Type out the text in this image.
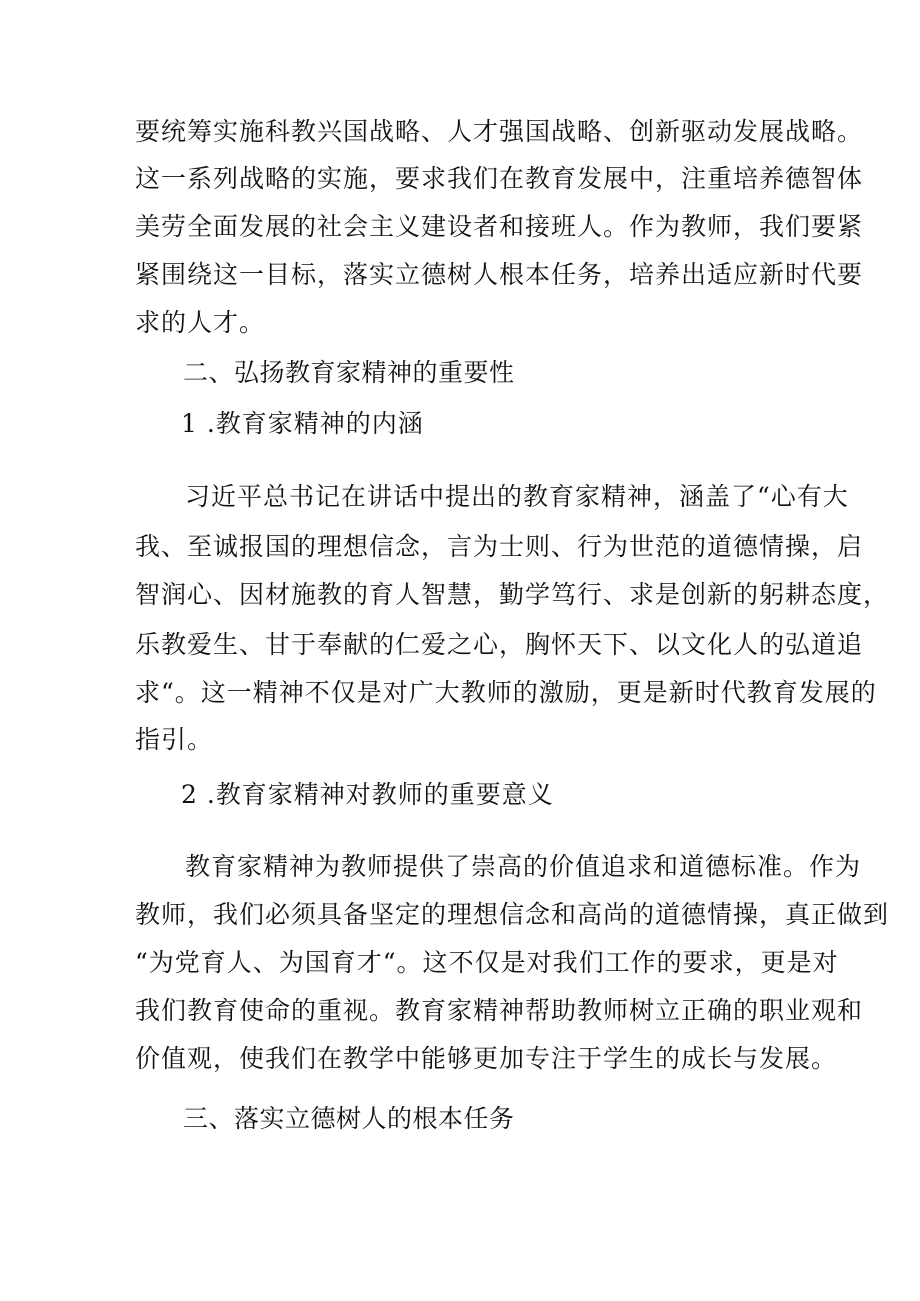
要统筹实施科教兴国战略、人才强国战略、创新驱动发展战略。
这一系列战略的实施，要求我们在教育发展中，注重培养德智体
美劳全面发展的社会主义建设者和接班人。作为教师，我们要紧
紧围绕这一目标，落实立德树人根本任务，培养出适应新时代要
求的人才。
二、弘扬教育家精神的重要性
1 .教育家精神的内涵
习近平总书记在讲话中提出的教育家精神，涵盖了“心有大
我、至诚报国的理想信念，言为士则、行为世范的道德情操，启
智润心、因材施教的育人智慧，勤学笃行、求是创新的躬耕态度，
乐教爱生、甘于奉献的仁爱之心，胸怀天下、以文化人的弘道追
求“。这一精神不仅是对广大教师的激励，更是新时代教育发展的
指引。
2 .教育家精神对教师的重要意义
教育家精神为教师提供了崇高的价值追求和道德标准。作为
教师，我们必须具备坚定的理想信念和高尚的道德情操，真正做到
“为党育人、为国育才“。这不仅是对我们工作的要求，更是对
我们教育使命的重视。教育家精神帮助教师树立正确的职业观和
价值观，使我们在教学中能够更加专注于学生的成长与发展。
三、落实立德树人的根本任务
